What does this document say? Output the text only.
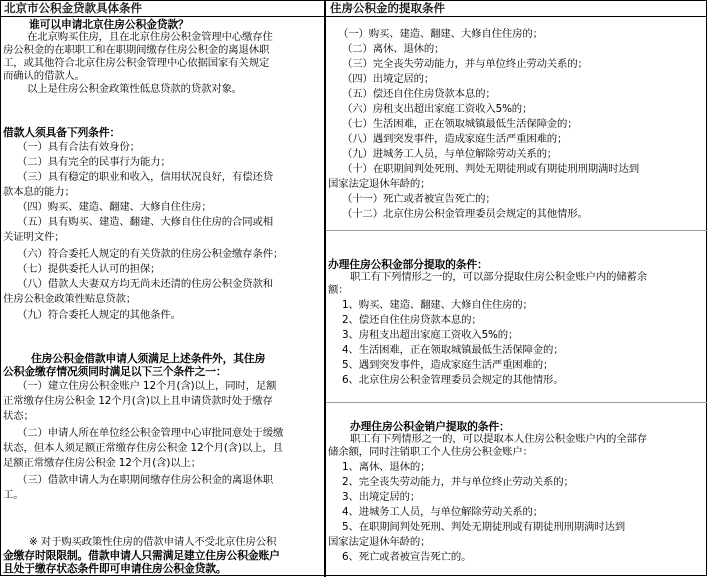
北京市公积金贷款具体条件	住房公积金的提取条件
谁可以申请北京住房公积金贷款？
在北京购买住房，且在北京住房公积金管理中心缴存住
房公积金的在职职工和在职期间缴存住房公积金的离退休职
工，或其他符合北京住房公积金管理中心依据国家有关规定
而确认的借款人。
以上是住房公积金政策性低息贷款的贷款对象。
借款人须具备下列条件：
（一）具有合法有效身份；
（二）具有完全的民事行为能力；
（三）具有稳定的职业和收入，信用状况良好，有偿还贷
款本息的能力；
（四）购买、建造、翻建、大修自住住房；
（五）具有购买、建造、翻建、大修自住住房的合同或相
关证明文件；
（六）符合委托人规定的有关贷款的住房公积金缴存条件；
（七）提供委托人认可的担保；
（八）借款人夫妻双方均无尚未还清的住房公积金贷款和
住房公积金政策性贴息贷款；
（九）符合委托人规定的其他条件。
住房公积金借款申请人须满足上述条件外，其住房
公积金缴存情况须同时满足以下三个条件之一：
（一）建立住房公积金账户 12个月(含)以上，同时，足额
正常缴存住房公积金 12个月(含)以上且申请贷款时处于缴存
状态；
（二）申请人所在单位经公积金管理中心审批同意处于缓缴
状态，但本人须足额正常缴存住房公积金 12个月(含)以上，且
足额正常缴存住房公积金 12个月(含)以上；
（三）借款申请人为在职期间缴存住房公积金的离退休职
工。
※ 对于购买政策性住房的借款申请人不受北京住房公积
金缴存时限限制。借款申请人只需满足建立住房公积金账户
且处于缴存状态条件即可申请住房公积金贷款。
（一）购买、建造、翻建、大修自住住房的；
（二）离休、退休的；
（三）完全丧失劳动能力，并与单位终止劳动关系的；
（四）出境定居的；
（五）偿还自住住房贷款本息的；
（六）房租支出超出家庭工资收入5%的；
（七）生活困难，正在领取城镇最低生活保障金的；
（八）遇到突发事件，造成家庭生活严重困难的；
（九）进城务工人员，与单位解除劳动关系的；
（十）在职期间判处死刑、判处无期徒刑或有期徒刑刑期满时达到
国家法定退休年龄的；
（十一）死亡或者被宣告死亡的；
（十二）北京住房公积金管理委员会规定的其他情形。
办理住房公积金部分提取的条件：
职工有下列情形之一的，可以部分提取住房公积金账户内的储蓄余
额：
1、购买、建造、翻建、大修自住住房的；
2、偿还自住住房贷款本息的；
3、房租支出超出家庭工资收入5%的；
4、生活困难，正在领取城镇最低生活保障金的；
5、遇到突发事件，造成家庭生活严重困难的；
6、北京住房公积金管理委员会规定的其他情形。
办理住房公积金销户提取的条件：
职工有下列情形之一的，可以提取本人住房公积金账户内的全部存
储余额，同时注销职工个人住房公积金账户：
1、离休、退休的；
2、完全丧失劳动能力，并与单位终止劳动关系的；
3、出境定居的；
4、进城务工人员，与单位解除劳动关系的；
5、在职期间判处死刑、判处无期徒刑或有期徒刑刑期满时达到
国家法定退休年龄的；
6、死亡或者被宣告死亡的。
